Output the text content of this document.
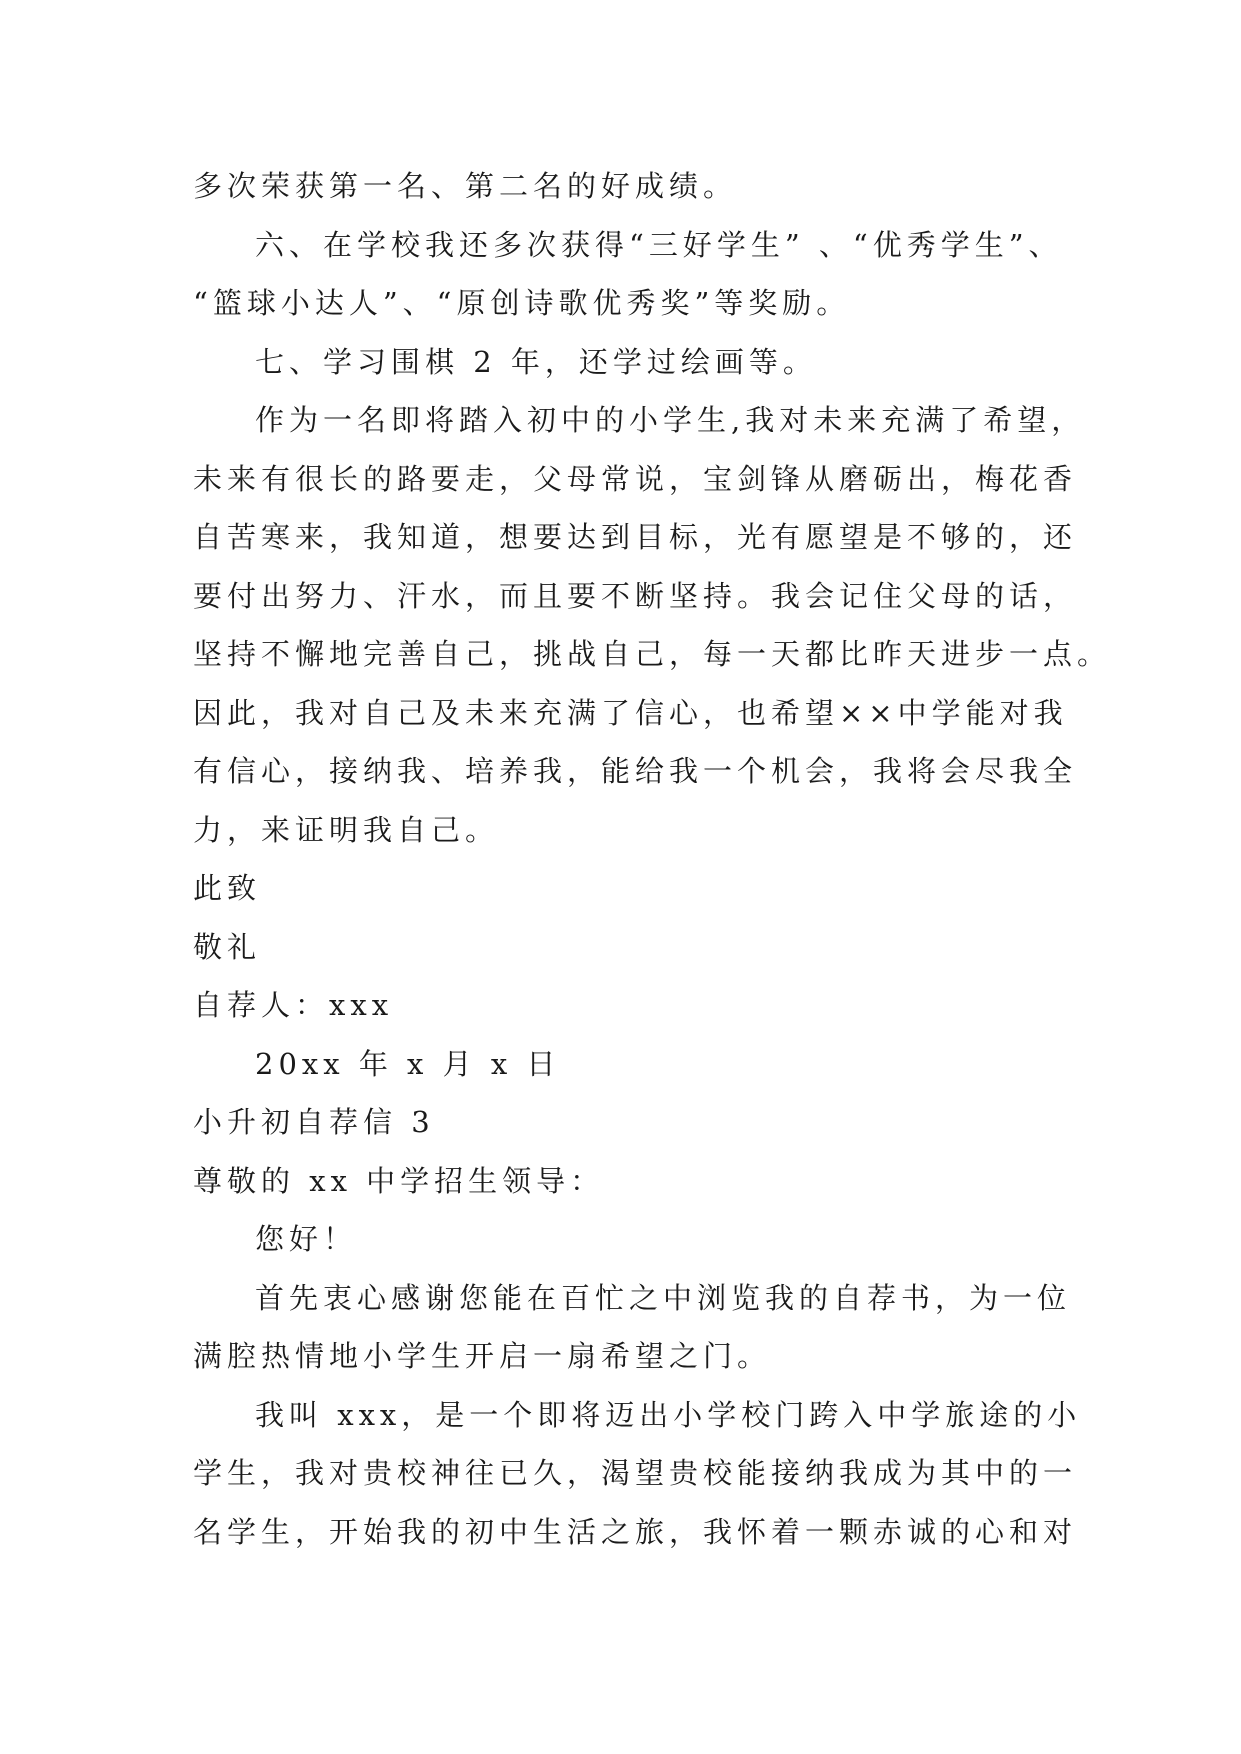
多次荣获第一名、第二名的好成绩。
六、在学校我还多次获得“三好学生” 、“优秀学生”、
“篮球小达人”、“原创诗歌优秀奖”等奖励。
七、学习围棋 2 年，还学过绘画等。
作为一名即将踏入初中的小学生,我对未来充满了希望，
未来有很长的路要走，父母常说，宝剑锋从磨砺出，梅花香
自苦寒来，我知道，想要达到目标，光有愿望是不够的，还
要付出努力、汗水，而且要不断坚持。我会记住父母的话，
坚持不懈地完善自己，挑战自己，每一天都比昨天进步一点。
因此，我对自己及未来充满了信心，也希望××中学能对我
有信心，接纳我、培养我，能给我一个机会，我将会尽我全
力，来证明我自己。
此致
敬礼
自荐人：xxx
20xx 年 x 月 x 日
小升初自荐信 3
尊敬的 xx 中学招生领导：
您好！
首先衷心感谢您能在百忙之中浏览我的自荐书，为一位
满腔热情地小学生开启一扇希望之门。
我叫 xxx，是一个即将迈出小学校门跨入中学旅途的小
学生，我对贵校神往已久，渴望贵校能接纳我成为其中的一
名学生，开始我的初中生活之旅，我怀着一颗赤诚的心和对
